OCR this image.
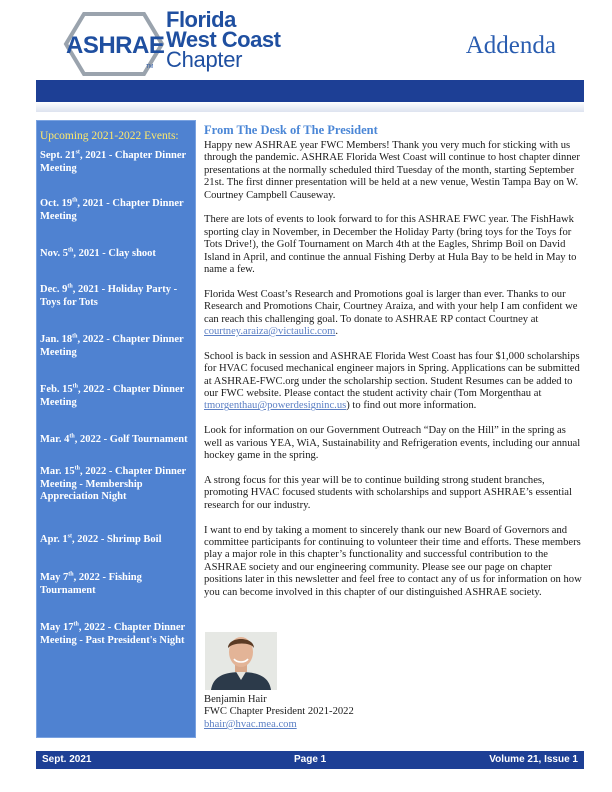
ASHRAE
TM
Florida
West Coast
Chapter
Addenda
Upcoming 2021-2022 Events:
Sept. 21st, 2021 - Chapter Dinner Meeting
Oct. 19th, 2021 - Chapter Dinner Meeting
Nov. 5th, 2021 - Clay shoot
Dec. 9th, 2021 - Holiday Party - Toys for Tots
Jan. 18th, 2022 - Chapter Dinner Meeting
Feb. 15th, 2022 - Chapter Dinner Meeting
Mar. 4th, 2022 - Golf Tournament
Mar. 15th, 2022 - Chapter Dinner Meeting - Membership Appreciation Night
Apr. 1st, 2022 - Shrimp Boil
May 7th, 2022 - Fishing Tournament
May 17th, 2022 - Chapter Dinner Meeting - Past President's Night
From The Desk of The President

Happy new ASHRAE year FWC Members! Thank you very much for sticking with us through the pandemic. ASHRAE Florida West Coast will continue to host chapter dinner presentations at the normally scheduled third Tuesday of the month, starting September 21st. The first dinner presentation will be held at a new venue, Westin Tampa Bay on W. Courtney Campbell Causeway.

There are lots of events to look forward to for this ASHRAE FWC year. The FishHawk sporting clay in November, in December the Holiday Party (bring toys for the Toys for Tots Drive!), the Golf Tournament on March 4th at the Eagles, Shrimp Boil on David Island in April, and continue the annual Fishing Derby at Hula Bay to be held in May to name a few.

Florida West Coast’s Research and Promotions goal is larger than ever. Thanks to our Research and Promotions Chair, Courtney Araiza, and with your help I am confident we can reach this challenging goal. To donate to ASHRAE RP contact Courtney at courtney.araiza@victaulic.com.

School is back in session and ASHRAE Florida West Coast has four $1,000 scholarships for HVAC focused mechanical engineer majors in Spring. Applications can be submitted at ASHRAE-FWC.org under the scholarship section. Student Resumes can be added to our FWC website. Please contact the student activity chair (Tom Morgenthau at tmorgenthau@powerdesigninc.us) to find out more information.

Look for information on our Government Outreach “Day on the Hill” in the spring as well as various YEA, WiA, Sustainability and Refrigeration events, including our annual hockey game in the spring.

A strong focus for this year will be to continue building strong student branches, promoting HVAC focused students with scholarships and support ASHRAE’s essential research for our industry.

I want to end by taking a moment to sincerely thank our new Board of Governors and committee participants for continuing to volunteer their time and efforts. These members play a major role in this chapter’s functionality and successful contribution to the ASHRAE society and our engineering community. Please see our page on chapter positions later in this newsletter and feel free to contact any of us for information on how you can become involved in this chapter of our distinguished ASHRAE society.

Benjamin Hair
FWC Chapter President 2021-2022
bhair@hvac.mea.com
Sept. 2021	Page 1	Volume 21, Issue 1
